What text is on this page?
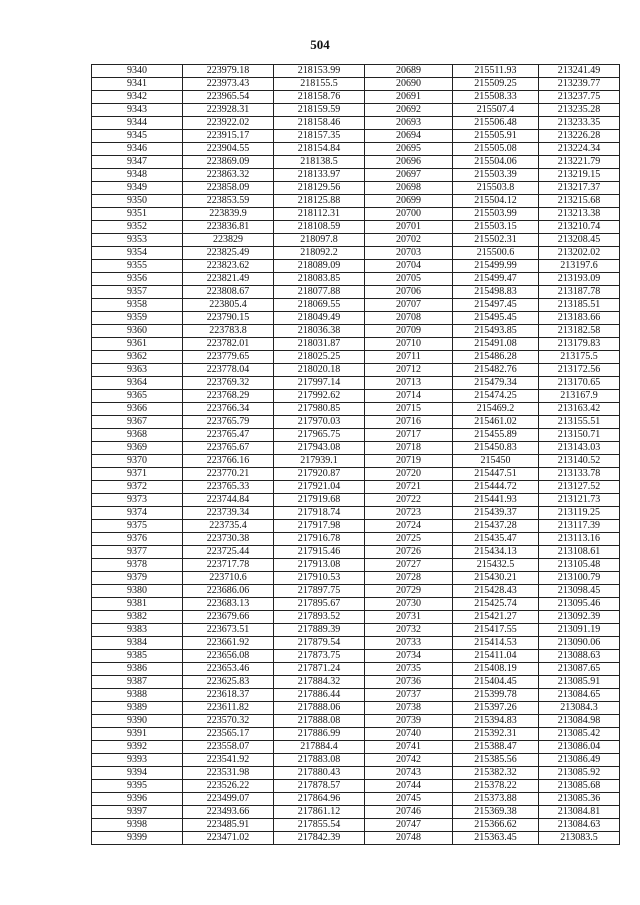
504
9340	223979.18	218153.99	20689	215511.93	213241.49
9341	223973.43	218155.5	20690	215509.25	213239.77
9342	223965.54	218158.76	20691	215508.33	213237.75
9343	223928.31	218159.59	20692	215507.4	213235.28
9344	223922.02	218158.46	20693	215506.48	213233.35
9345	223915.17	218157.35	20694	215505.91	213226.28
9346	223904.55	218154.84	20695	215505.08	213224.34
9347	223869.09	218138.5	20696	215504.06	213221.79
9348	223863.32	218133.97	20697	215503.39	213219.15
9349	223858.09	218129.56	20698	215503.8	213217.37
9350	223853.59	218125.88	20699	215504.12	213215.68
9351	223839.9	218112.31	20700	215503.99	213213.38
9352	223836.81	218108.59	20701	215503.15	213210.74
9353	223829	218097.8	20702	215502.31	213208.45
9354	223825.49	218092.2	20703	215500.6	213202.02
9355	223823.62	218089.09	20704	215499.99	213197.6
9356	223821.49	218083.85	20705	215499.47	213193.09
9357	223808.67	218077.88	20706	215498.83	213187.78
9358	223805.4	218069.55	20707	215497.45	213185.51
9359	223790.15	218049.49	20708	215495.45	213183.66
9360	223783.8	218036.38	20709	215493.85	213182.58
9361	223782.01	218031.87	20710	215491.08	213179.83
9362	223779.65	218025.25	20711	215486.28	213175.5
9363	223778.04	218020.18	20712	215482.76	213172.56
9364	223769.32	217997.14	20713	215479.34	213170.65
9365	223768.29	217992.62	20714	215474.25	213167.9
9366	223766.34	217980.85	20715	215469.2	213163.42
9367	223765.79	217970.03	20716	215461.02	213155.51
9368	223765.47	217965.75	20717	215455.89	213150.71
9369	223765.67	217943.08	20718	215450.83	213143.03
9370	223766.16	217939.1	20719	215450	213140.52
9371	223770.21	217920.87	20720	215447.51	213133.78
9372	223765.33	217921.04	20721	215444.72	213127.52
9373	223744.84	217919.68	20722	215441.93	213121.73
9374	223739.34	217918.74	20723	215439.37	213119.25
9375	223735.4	217917.98	20724	215437.28	213117.39
9376	223730.38	217916.78	20725	215435.47	213113.16
9377	223725.44	217915.46	20726	215434.13	213108.61
9378	223717.78	217913.08	20727	215432.5	213105.48
9379	223710.6	217910.53	20728	215430.21	213100.79
9380	223686.06	217897.75	20729	215428.43	213098.45
9381	223683.13	217895.67	20730	215425.74	213095.46
9382	223679.66	217893.52	20731	215421.27	213092.39
9383	223673.51	217889.39	20732	215417.55	213091.19
9384	223661.92	217879.54	20733	215414.53	213090.06
9385	223656.08	217873.75	20734	215411.04	213088.63
9386	223653.46	217871.24	20735	215408.19	213087.65
9387	223625.83	217884.32	20736	215404.45	213085.91
9388	223618.37	217886.44	20737	215399.78	213084.65
9389	223611.82	217888.06	20738	215397.26	213084.3
9390	223570.32	217888.08	20739	215394.83	213084.98
9391	223565.17	217886.99	20740	215392.31	213085.42
9392	223558.07	217884.4	20741	215388.47	213086.04
9393	223541.92	217883.08	20742	215385.56	213086.49
9394	223531.98	217880.43	20743	215382.32	213085.92
9395	223526.22	217878.57	20744	215378.22	213085.68
9396	223499.07	217864.96	20745	215373.88	213085.36
9397	223493.66	217861.12	20746	215369.38	213084.81
9398	223485.91	217855.54	20747	215366.62	213084.63
9399	223471.02	217842.39	20748	215363.45	213083.5
